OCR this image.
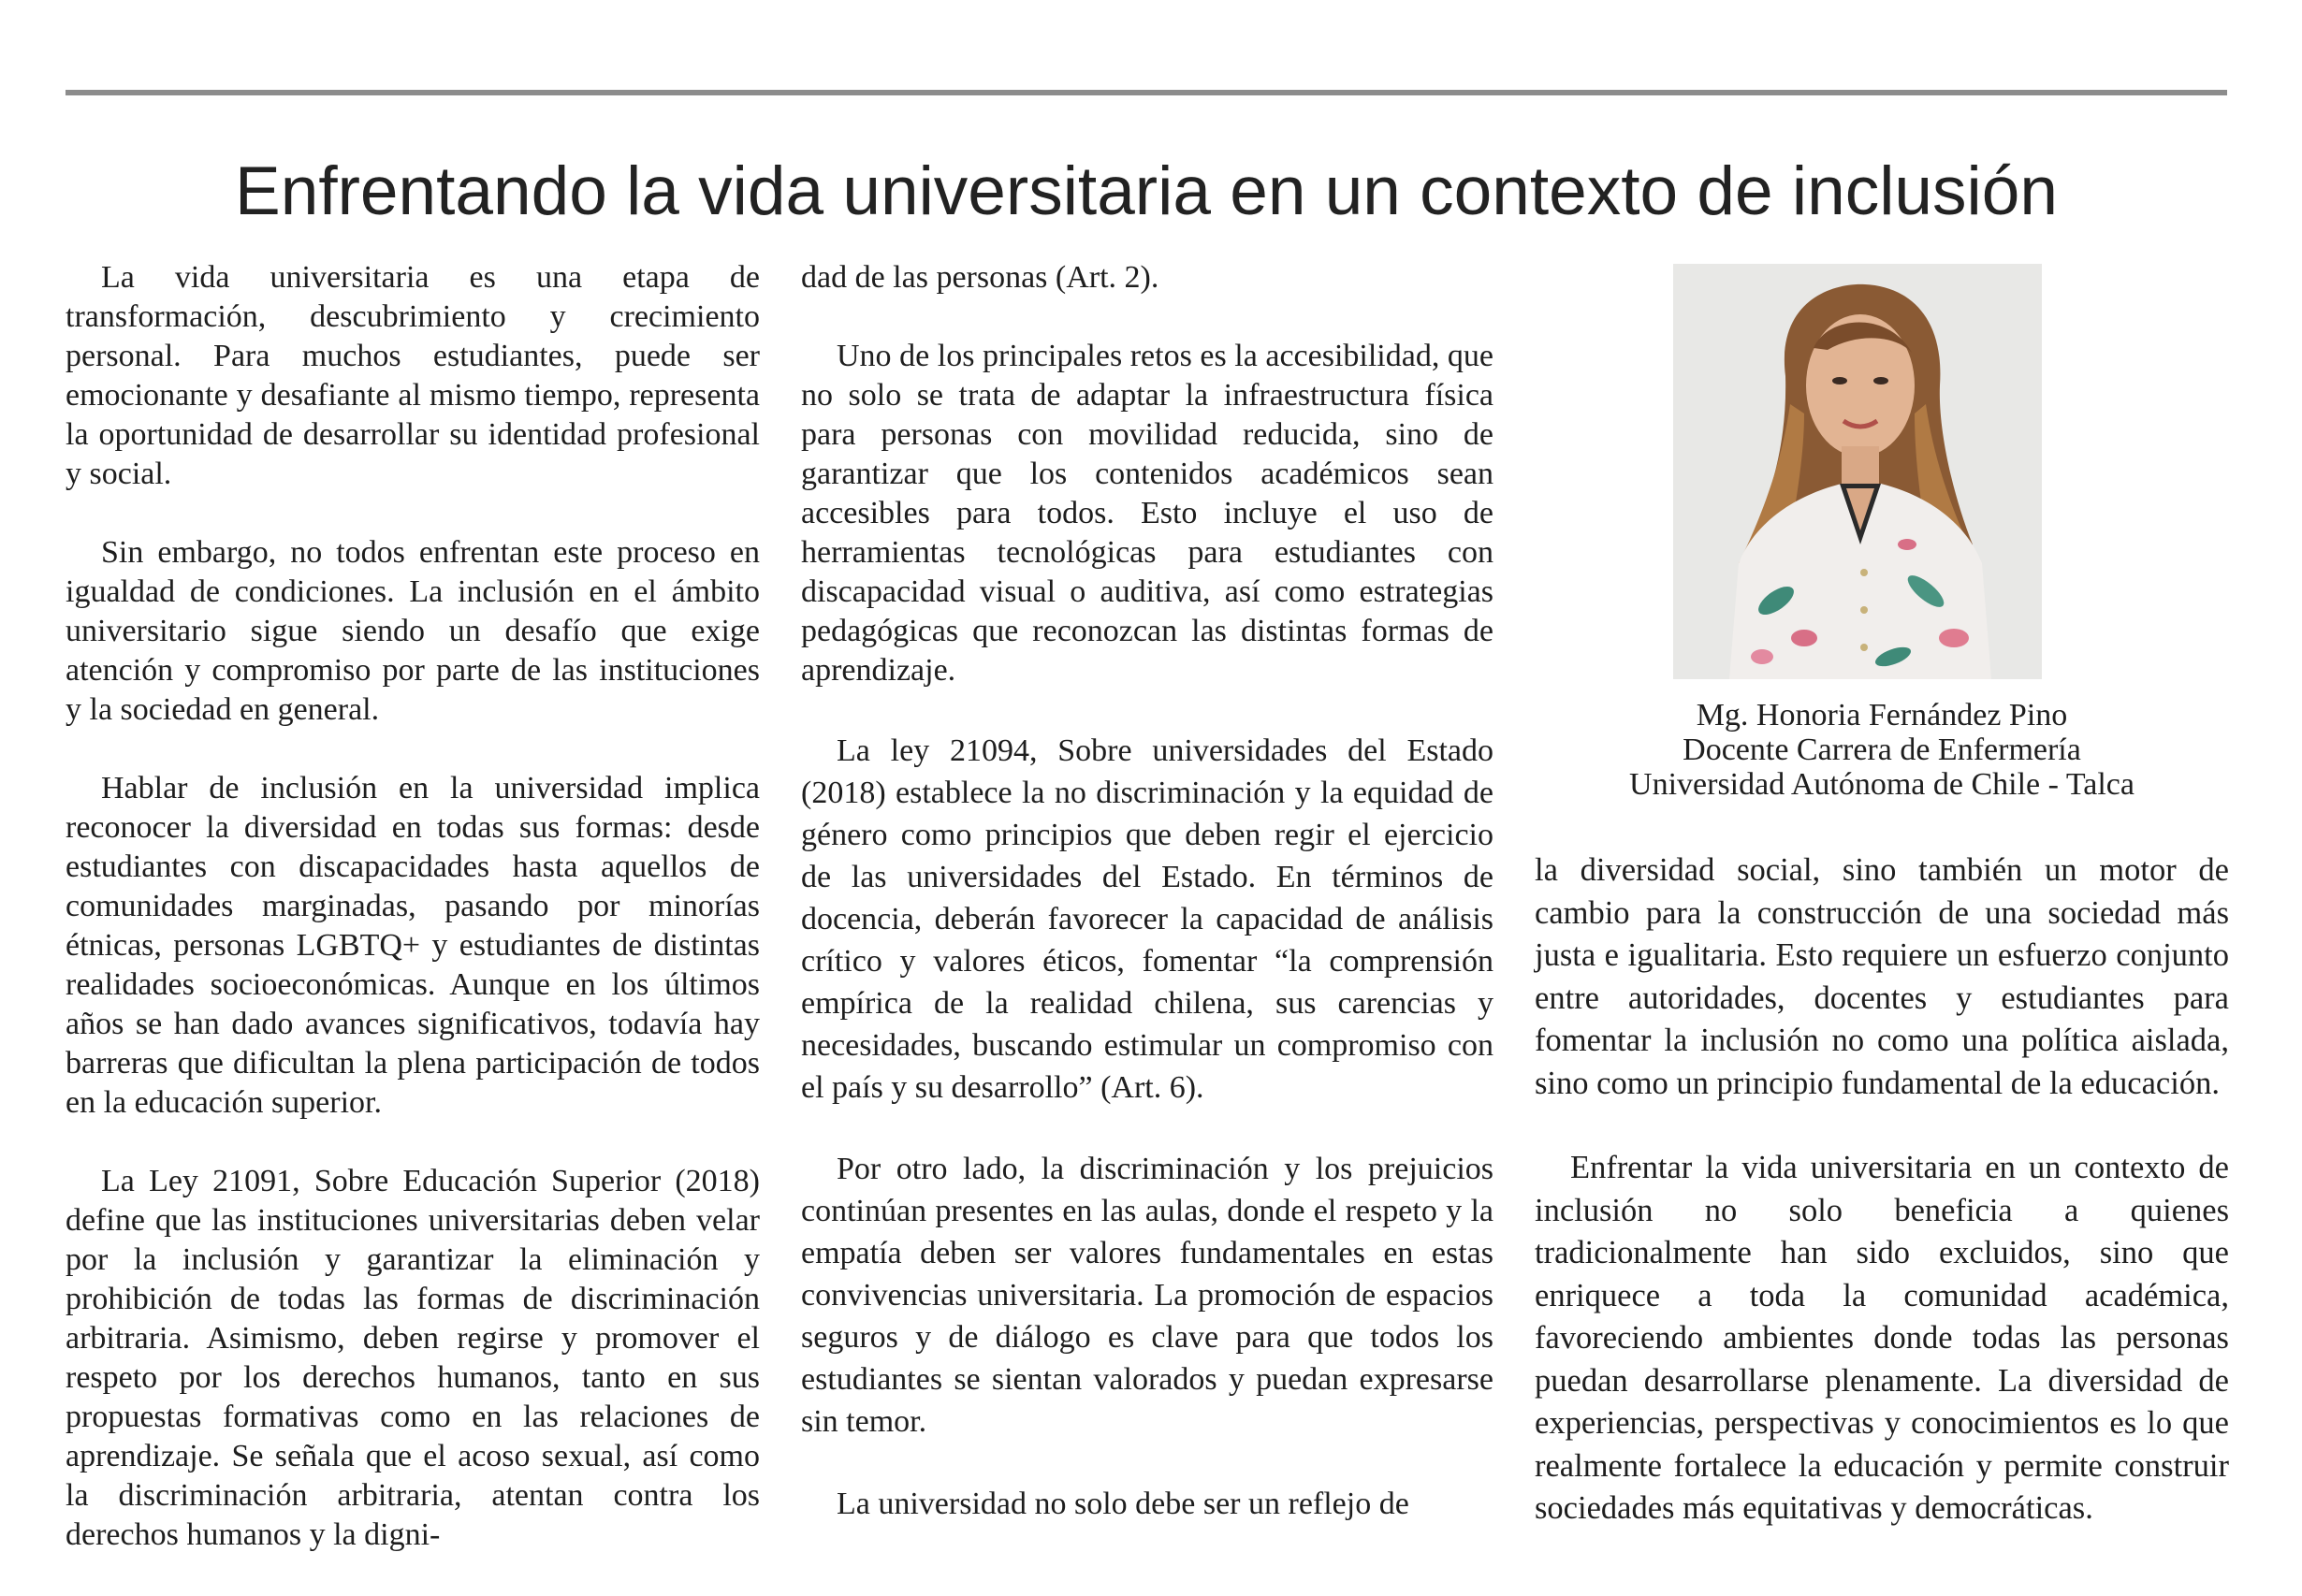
Enfrentando la vida universitaria en un contexto de inclusión

La vida universitaria es una etapa de transformación, descubrimiento y crecimiento personal. Para muchos estudiantes, puede ser emocionante y desafiante al mismo tiempo, representa la oportunidad de desarrollar su identidad profesional y social.

Sin embargo, no todos enfrentan este proceso en igualdad de condiciones. La inclusión en el ámbito universitario sigue siendo un desafío que exige atención y compromiso por parte de las instituciones y la sociedad en general.

Hablar de inclusión en la universidad implica reconocer la diversidad en todas sus formas: desde estudiantes con discapacidades hasta aquellos de comunidades marginadas, pasando por minorías étnicas, personas LGBTQ+ y estudiantes de distintas realidades socioeconómicas. Aunque en los últimos años se han dado avances significativos, todavía hay barreras que dificultan la plena participación de todos en la educación superior.

La Ley 21091, Sobre Educación Superior (2018) define que las instituciones universitarias deben velar por la inclusión y garantizar la eliminación y prohibición de todas las formas de discriminación arbitraria. Asimismo, deben regirse y promover el respeto por los derechos humanos, tanto en sus propuestas formativas como en las relaciones de aprendizaje. Se señala que el acoso sexual, así como la discriminación arbitraria, atentan contra los derechos humanos y la digni-

dad de las personas (Art. 2).

Uno de los principales retos es la accesibilidad, que no solo se trata de adaptar la infraestructura física para personas con movilidad reducida, sino de garantizar que los contenidos académicos sean accesibles para todos. Esto incluye el uso de herramientas tecnológicas para estudiantes con discapacidad visual o auditiva, así como estrategias pedagógicas que reconozcan las distintas formas de aprendizaje.

La ley 21094, Sobre universidades del Estado (2018) establece la no discriminación y la equidad de género como principios que deben regir el ejercicio de las universidades del Estado. En términos de docencia, deberán favorecer la capacidad de análisis crítico y valores éticos, fomentar “la comprensión empírica de la realidad chilena, sus carencias y necesidades, buscando estimular un compromiso con el país y su desarrollo” (Art. 6).

Por otro lado, la discriminación y los prejuicios continúan presentes en las aulas, donde el respeto y la empatía deben ser valores fundamentales en estas convivencias universitaria. La promoción de espacios seguros y de diálogo es clave para que todos los estudiantes se sientan valorados y puedan expresarse sin temor.

La universidad no solo debe ser un reflejo de

Mg. Honoria Fernández Pino
Docente Carrera de Enfermería
Universidad Autónoma de Chile - Talca

la diversidad social, sino también un motor de cambio para la construcción de una sociedad más justa e igualitaria. Esto requiere un esfuerzo conjunto entre autoridades, docentes y estudiantes para fomentar la inclusión no como una política aislada, sino como un principio fundamental de la educación.

Enfrentar la vida universitaria en un contexto de inclusión no solo beneficia a quienes tradicionalmente han sido excluidos, sino que enriquece a toda la comunidad académica, favoreciendo ambientes donde todas las personas puedan desarrollarse plenamente. La diversidad de experiencias, perspectivas y conocimientos es lo que realmente fortalece la educación y permite construir sociedades más equitativas y democráticas.
